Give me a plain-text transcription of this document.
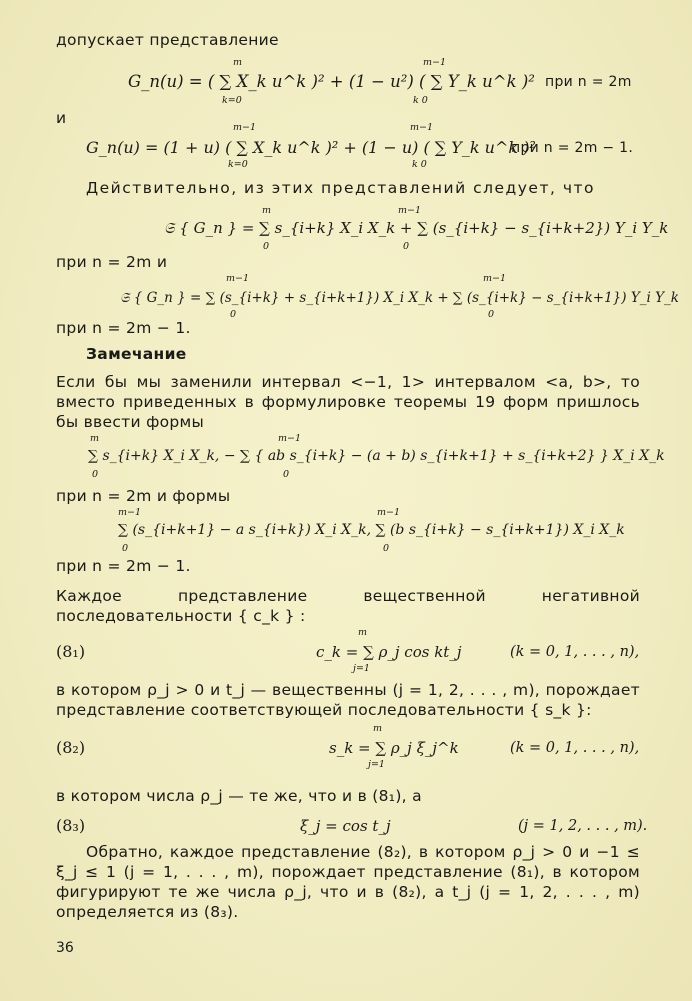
допускает представление
G_n(u) = ( ∑ X_k u^k )² + (1 − u²) ( ∑ Y_k u^k )²
m
k=0
m−1
k 0
при n = 2m
и
G_n(u) = (1 + u) ( ∑ X_k u^k )² + (1 − u) ( ∑ Y_k u^k )²
m−1
k=0
m−1
k 0
при n = 2m − 1.
Действительно, из этих представлений следует, что
𝔖 { G_n } = ∑ s_{i+k} X_i X_k + ∑ (s_{i+k} − s_{i+k+2}) Y_i Y_k
m
0
m−1
0
при n = 2m и
𝔖 { G_n } = ∑ (s_{i+k} + s_{i+k+1}) X_i X_k + ∑ (s_{i+k} − s_{i+k+1}) Y_i Y_k
m−1
0
m−1
0
при n = 2m − 1.
Замечание
Если бы мы заменили интервал <−1, 1> интервалом <a, b>, то вместо приведенных в формулировке теоремы 19 форм пришлось бы ввести формы
∑ s_{i+k} X_i X_k, − ∑ { ab s_{i+k} − (a + b) s_{i+k+1} + s_{i+k+2} } X_i X_k
m
0
m−1
0
при n = 2m и формы
∑ (s_{i+k+1} − a s_{i+k}) X_i X_k, ∑ (b s_{i+k} − s_{i+k+1}) X_i X_k
m−1
0
m−1
0
при n = 2m − 1.
Каждое представление вещественной негативной последовательности { c_k } :
(8₁)	c_k = ∑ ρ_j cos kt_j
m
j=1
(k = 0, 1, . . . , n),
в котором ρ_j > 0 и t_j — вещественны (j = 1, 2, . . . , m), порождает представление соответствующей последовательности { s_k }:
(8₂)	s_k = ∑ ρ_j ξ_j^k
m
j=1
(k = 0, 1, . . . , n),
в котором числа ρ_j — те же, что и в (8₁), а
(8₃)	ξ_j = cos t_j	(j = 1, 2, . . . , m).
Обратно, каждое представление (8₂), в котором ρ_j > 0 и −1 ≤ ξ_j ≤ 1 (j = 1, . . . , m), порождает представление (8₁), в котором фигурируют те же числа ρ_j, что и в (8₂), а t_j (j = 1, 2, . . . , m) определяется из (8₃).
36
